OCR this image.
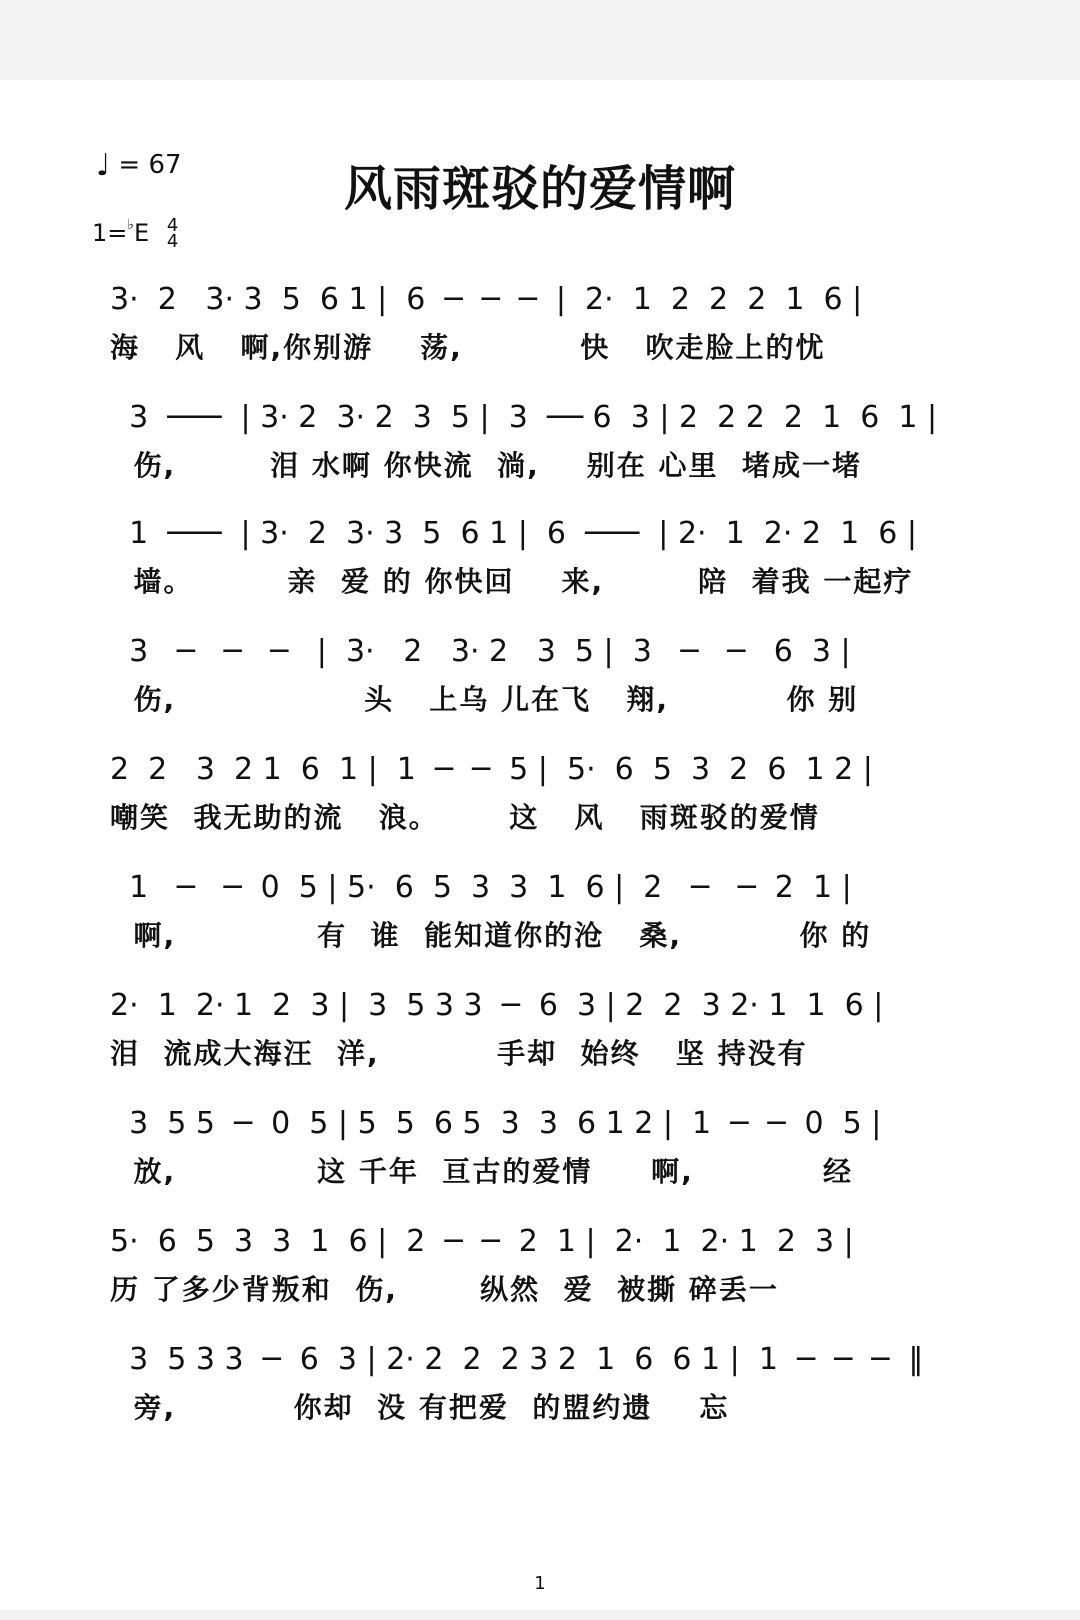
♩ = 67
1=♭E 4
4
风雨斑驳的爱情啊
3·  2   3· 3  5  6 1 |  6  ─  ─  ─  |  2·  1  2  2  2  1  6 |
海   风   啊,你别游    荡,          快   吹走脸上的忧
3  ───  | 3· 2  3· 2  3  5 |  3  ── 6  3 | 2  2 2  2  1  6  1 |
伤,        泪 水啊 你快流  淌,    别在 心里  堵成一堵
1  ───  | 3·  2  3· 3  5  6 1 |  6  ───  | 2·  1  2· 2  1  6 |
墙。        亲  爱 的 你快回    来,        陪  着我 一起疗
3   ─   ─   ─   |  3·   2   3· 2   3  5 |  3   ─   ─   6  3 |
伤,                头   上乌 儿在飞   翔,          你 别
2  2   3  2 1  6  1 |  1  ─  ─  5 |  5·  6  5  3  2  6  1 2 |
嘲笑  我无助的流   浪。      这   风   雨斑驳的爱情
1   ─   ─  0  5 | 5·  6  5  3  3  1  6 |  2   ─   ─  2  1 |
啊,            有  谁  能知道你的沧   桑,          你 的
2·  1  2· 1  2  3 |  3  5 3 3  ─  6  3 | 2  2  3 2· 1  1  6 |
泪  流成大海汪  洋,          手却  始终   坚 持没有
3  5 5  ─  0  5 | 5  5  6 5  3  3  6 1 2 |  1  ─  ─  0  5 |
放,            这 千年  亘古的爱情     啊,           经
5·  6  5  3  3  1  6 |  2  ─  ─  2  1 |  2·  1  2· 1  2  3 |
历 了多少背叛和  伤,       纵然  爱  被撕 碎丢一
3  5 3 3  ─  6  3 | 2· 2  2  2 3 2  1  6  6 1 |  1  ─  ─  ─  ‖
旁,          你却  没 有把爱  的盟约遗    忘
1
